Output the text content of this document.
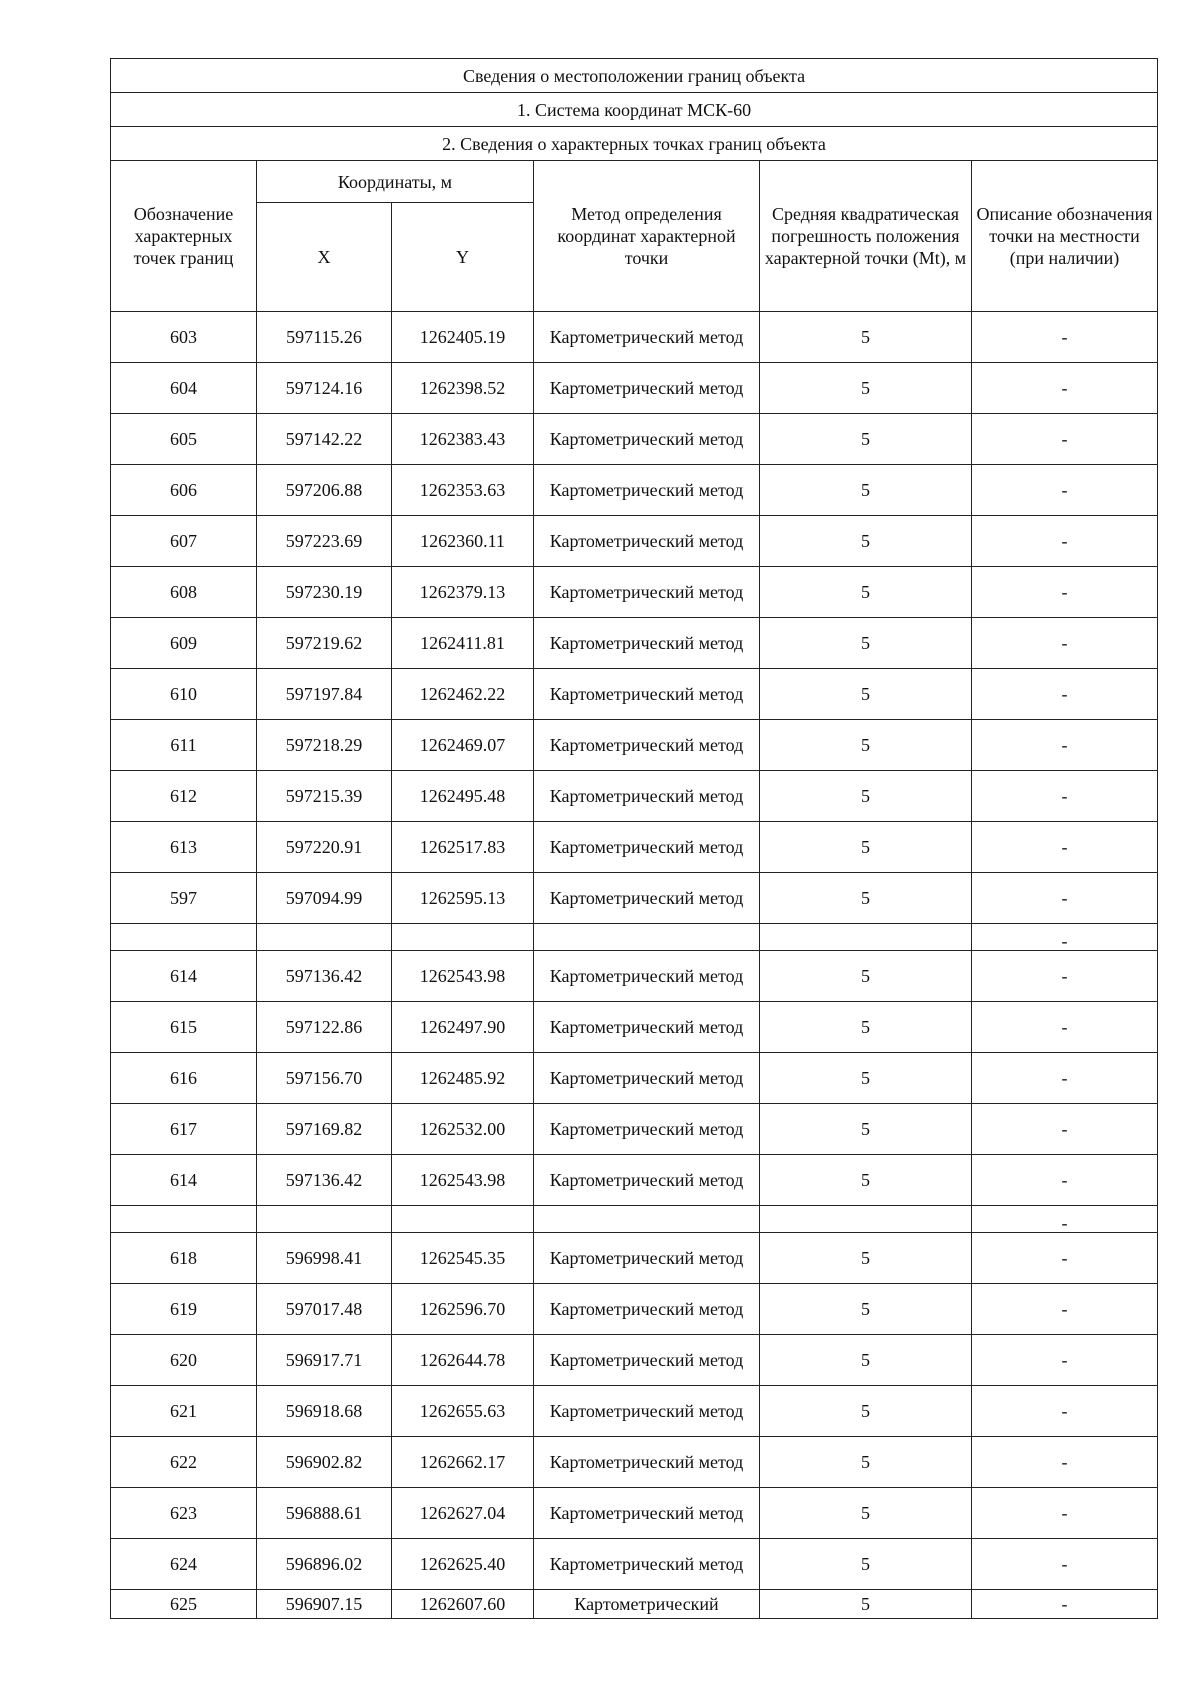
Сведения о местоположении границ объекта					
1. Система координат МСК-60					
2. Сведения о характерных точках границ объекта					
Обозначение характерных точек границ	Координаты, м		Метод определения координат характерной точки	Средняя квадратическая погрешность положения характерной точки (Mt), м	Описание обозначения точки на местности (при наличии)
	X	Y			
603	597115.26	1262405.19	Картометрический метод	5	-
604	597124.16	1262398.52	Картометрический метод	5	-
605	597142.22	1262383.43	Картометрический метод	5	-
606	597206.88	1262353.63	Картометрический метод	5	-
607	597223.69	1262360.11	Картометрический метод	5	-
608	597230.19	1262379.13	Картометрический метод	5	-
609	597219.62	1262411.81	Картометрический метод	5	-
610	597197.84	1262462.22	Картометрический метод	5	-
611	597218.29	1262469.07	Картометрический метод	5	-
612	597215.39	1262495.48	Картометрический метод	5	-
613	597220.91	1262517.83	Картометрический метод	5	-
597	597094.99	1262595.13	Картометрический метод	5	-
					-
614	597136.42	1262543.98	Картометрический метод	5	-
615	597122.86	1262497.90	Картометрический метод	5	-
616	597156.70	1262485.92	Картометрический метод	5	-
617	597169.82	1262532.00	Картометрический метод	5	-
614	597136.42	1262543.98	Картометрический метод	5	-
					-
618	596998.41	1262545.35	Картометрический метод	5	-
619	597017.48	1262596.70	Картометрический метод	5	-
620	596917.71	1262644.78	Картометрический метод	5	-
621	596918.68	1262655.63	Картометрический метод	5	-
622	596902.82	1262662.17	Картометрический метод	5	-
623	596888.61	1262627.04	Картометрический метод	5	-
624	596896.02	1262625.40	Картометрический метод	5	-
625	596907.15	1262607.60	Картометрический	5	-
